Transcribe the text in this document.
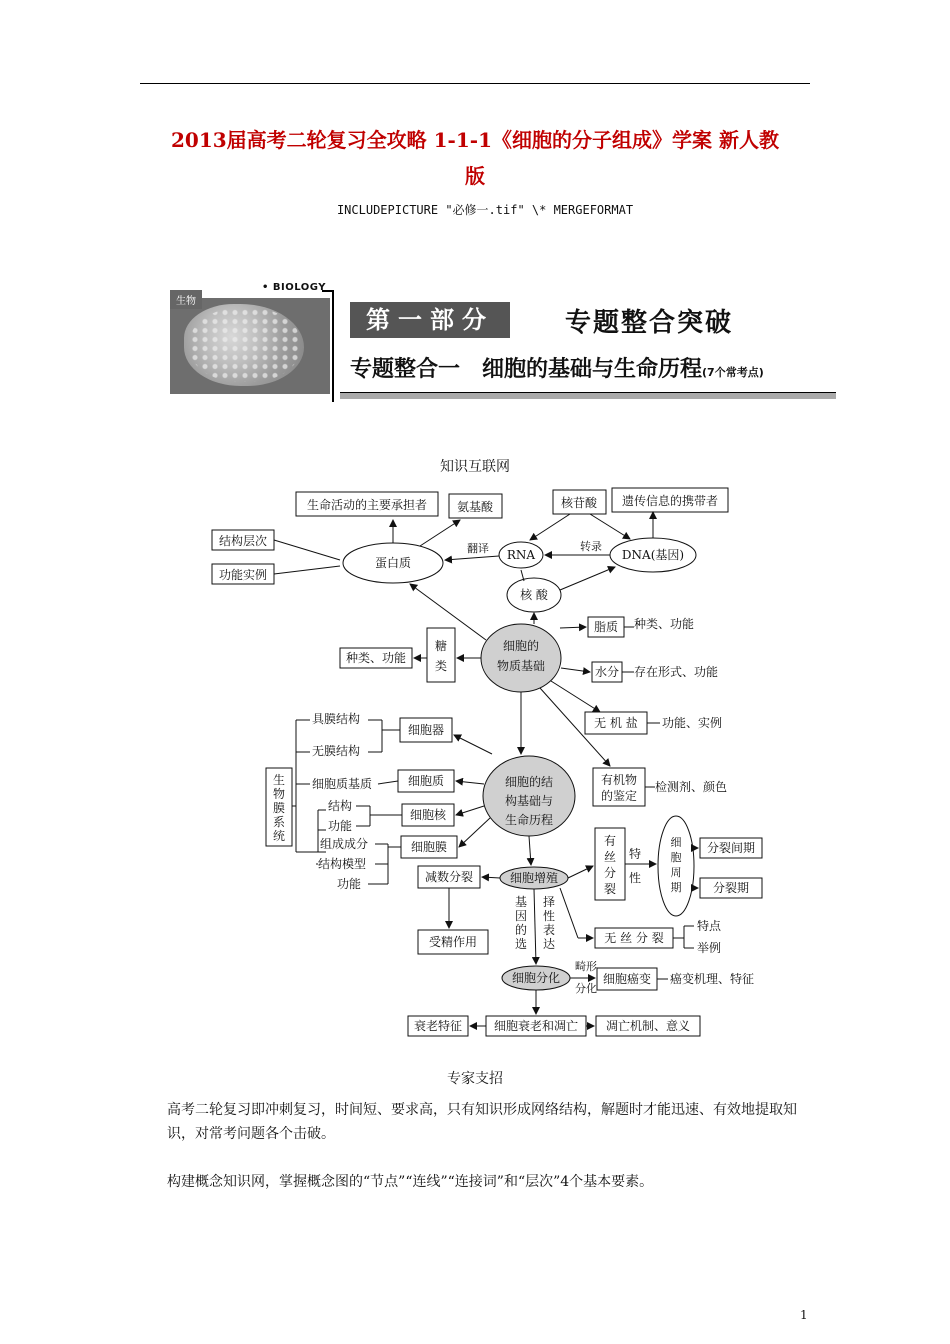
2013届高考二轮复习全攻略 1-1-1《细胞的分子组成》学案 新人教
版
INCLUDEPICTURE "必修一.tif" \* MERGEFORMAT
生物
• BIOLOGY
第一部分	专题整合突破
专题整合一　细胞的基础与生命历程(7个常考点)
知识互联网
生命活动的主要承担者 氨基酸	核苷酸 遗传信息的携带者
结构层次
功能实例
蛋白质
翻译 RNA
转录
DNA(基因)
核 酸
脂质 种类、功能
糖
类
种类、功能
细胞的
物质基础	水分 存在形式、功能
无 机 盐 功能、实例
具膜结构
无膜结构
细胞器
生
物
膜
系
统
细胞质基质	细胞质	细胞的结
构基础与
生命历程
有机物
的鉴定
检测剂、颜色
结构
功能
细胞核
组成成分
结构模型
功能
细胞膜	有
丝
分
裂
特
性
细
胞
周
期
分裂间期
分裂期
减数分裂	细胞增殖
基
因
的
选
择
性
表
达
受精作用	无 丝 分 裂
特点
举例
细胞分化
畸形
分化
细胞癌变 癌变机理、特征
衰老特征	细胞衰老和凋亡 凋亡机制、意义
专家支招
高考二轮复习即冲刺复习，时间短、要求高，只有知识形成网络结构，解题时才能迅速、有效地提取知识，对常考问题各个击破。
构建概念知识网，掌握概念图的“节点”“连线”“连接词”和“层次”4个基本要素。
1
